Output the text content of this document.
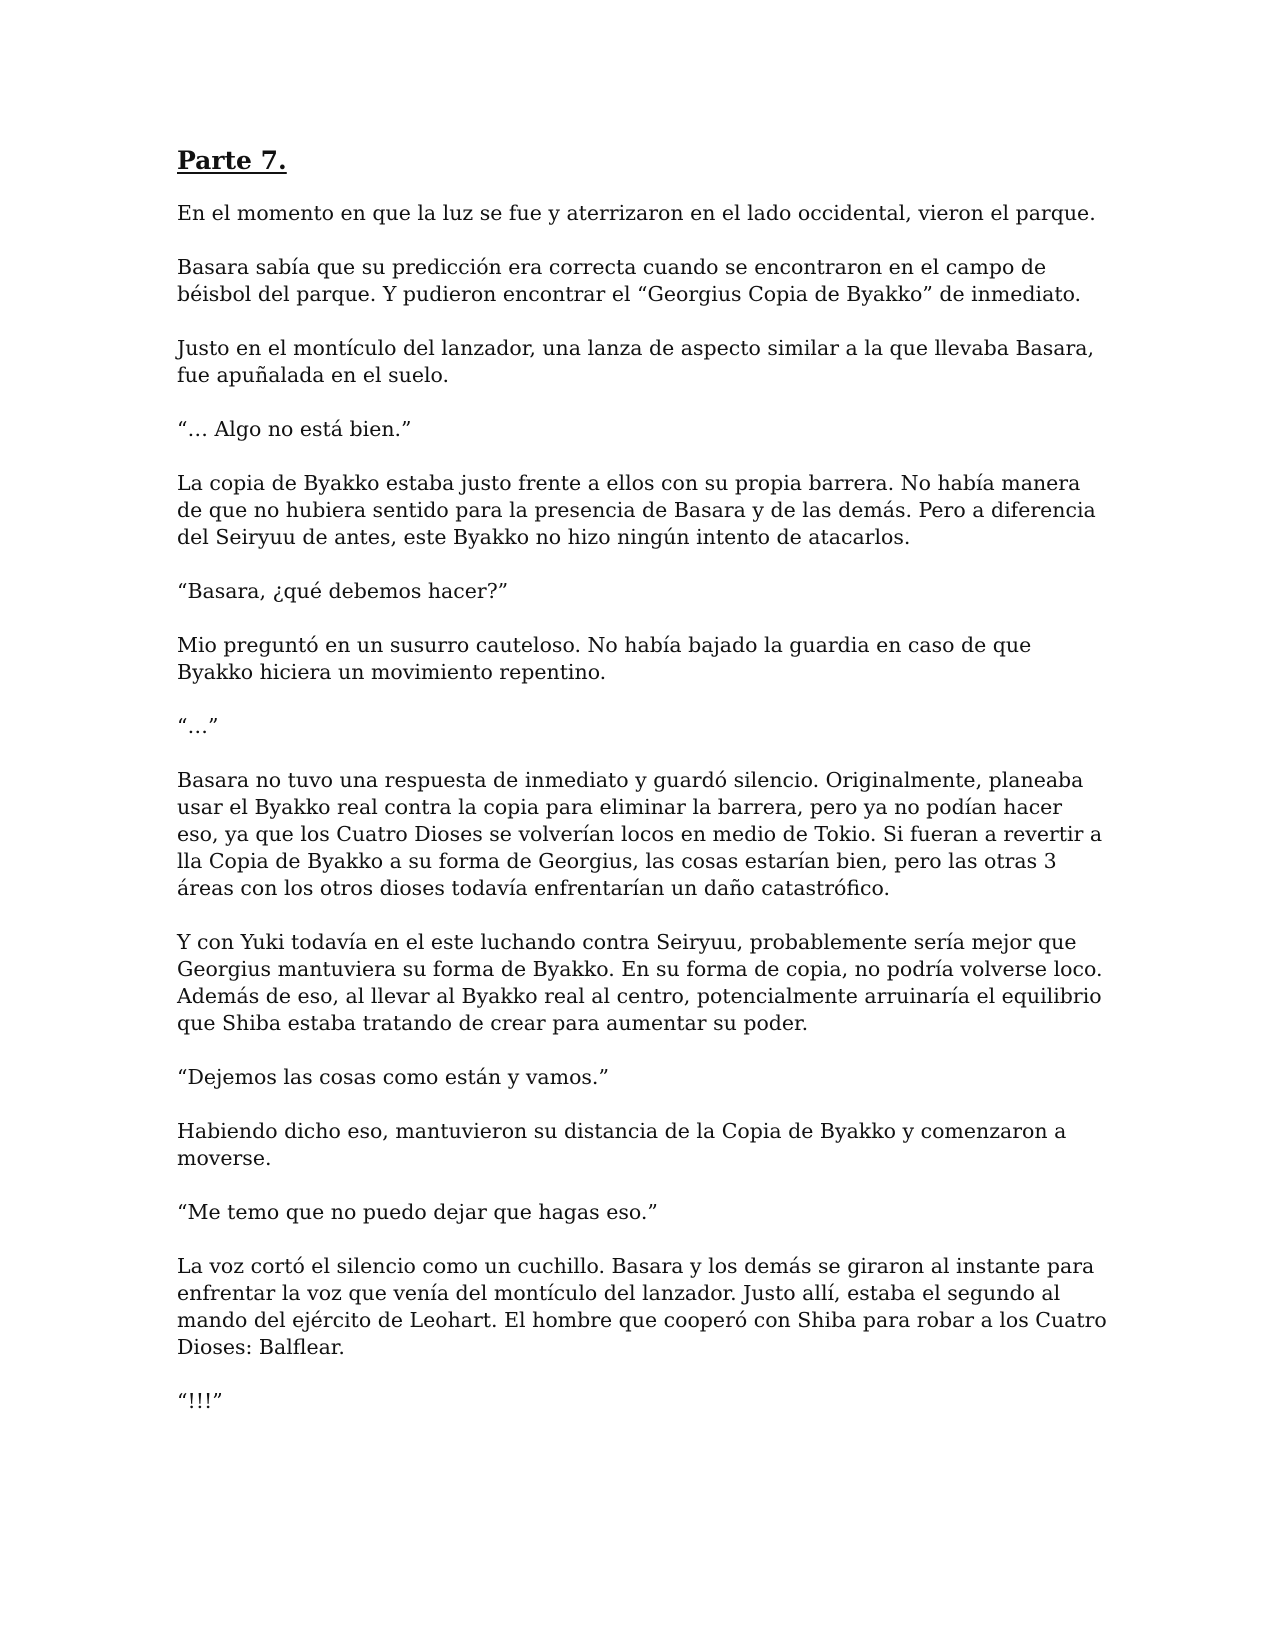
Parte 7.

En el momento en que la luz se fue y aterrizaron en el lado occidental, vieron el parque.

Basara sabía que su predicción era correcta cuando se encontraron en el campo de béisbol del parque. Y pudieron encontrar el “Georgius Copia de Byakko” de inmediato.

Justo en el montículo del lanzador, una lanza de aspecto similar a la que llevaba Basara, fue apuñalada en el suelo.

“… Algo no está bien.”

La copia de Byakko estaba justo frente a ellos con su propia barrera. No había manera de que no hubiera sentido para la presencia de Basara y de las demás. Pero a diferencia del Seiryuu de antes, este Byakko no hizo ningún intento de atacarlos.

“Basara, ¿qué debemos hacer?”

Mio preguntó en un susurro cauteloso. No había bajado la guardia en caso de que Byakko hiciera un movimiento repentino.

“…”

Basara no tuvo una respuesta de inmediato y guardó silencio. Originalmente, planeaba usar el Byakko real contra la copia para eliminar la barrera, pero ya no podían hacer eso, ya que los Cuatro Dioses se volverían locos en medio de Tokio. Si fueran a revertir a lla Copia de Byakko a su forma de Georgius, las cosas estarían bien, pero las otras 3 áreas con los otros dioses todavía enfrentarían un daño catastrófico.

Y con Yuki todavía en el este luchando contra Seiryuu, probablemente sería mejor que Georgius mantuviera su forma de Byakko. En su forma de copia, no podría volverse loco. Además de eso, al llevar al Byakko real al centro, potencialmente arruinaría el equilibrio que Shiba estaba tratando de crear para aumentar su poder.

“Dejemos las cosas como están y vamos.”

Habiendo dicho eso, mantuvieron su distancia de la Copia de Byakko y comenzaron a moverse.

“Me temo que no puedo dejar que hagas eso.”

La voz cortó el silencio como un cuchillo. Basara y los demás se giraron al instante para enfrentar la voz que venía del montículo del lanzador. Justo allí, estaba el segundo al mando del ejército de Leohart. El hombre que cooperó con Shiba para robar a los Cuatro Dioses: Balflear.

“!!!”
